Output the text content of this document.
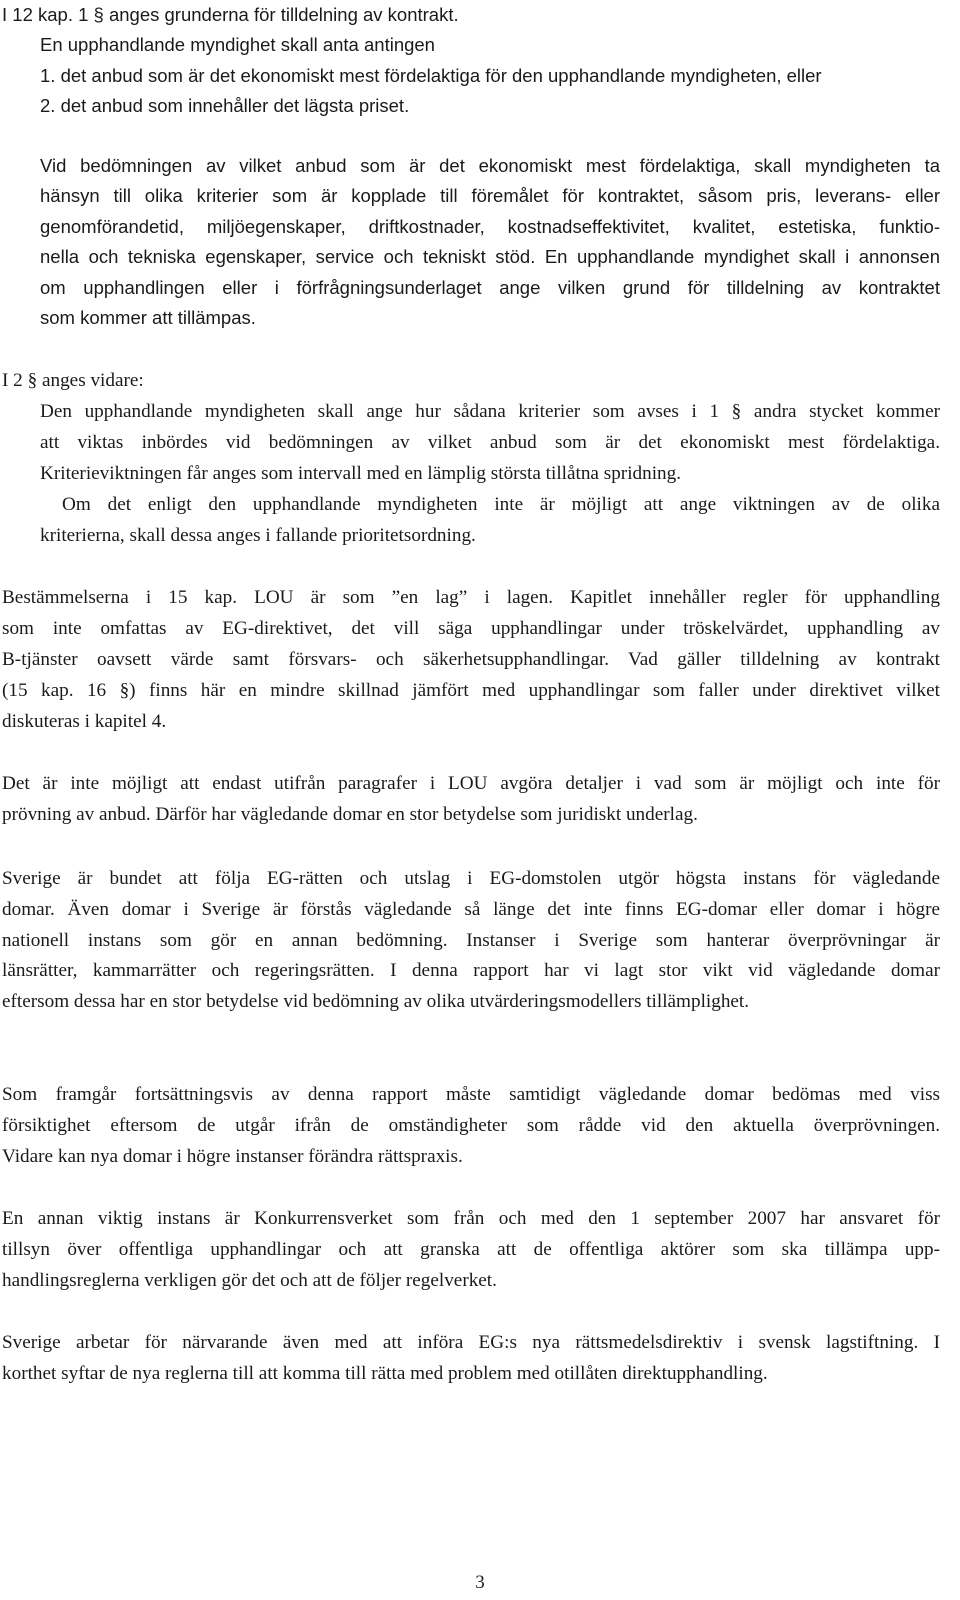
I 12 kap. 1 § anges grunderna för tilldelning av kontrakt.
En upphandlande myndighet skall anta antingen
1. det anbud som är det ekonomiskt mest fördelaktiga för den upphandlande myndigheten, eller
2. det anbud som innehåller det lägsta priset.
Vid bedömningen av vilket anbud som är det ekonomiskt mest fördelaktiga, skall myndigheten ta
hänsyn till olika kriterier som är kopplade till föremålet för kontraktet, såsom pris, leverans- eller
genomförandetid, miljöegenskaper, driftkostnader, kostnadseffektivitet, kvalitet, estetiska, funktio-
nella och tekniska egenskaper, service och tekniskt stöd. En upphandlande myndighet skall i annonsen
om upphandlingen eller i förfrågningsunderlaget ange vilken grund för tilldelning av kontraktet
som kommer att tillämpas.
I 2 § anges vidare:
Den upphandlande myndigheten skall ange hur sådana kriterier som avses i 1 § andra stycket kommer
att viktas inbördes vid bedömningen av vilket anbud som är det ekonomiskt mest fördelaktiga.
Kriterieviktningen får anges som intervall med en lämplig största tillåtna spridning.
Om det enligt den upphandlande myndigheten inte är möjligt att ange viktningen av de olika
kriterierna, skall dessa anges i fallande prioritetsordning.
Bestämmelserna i 15 kap. LOU är som ”en lag” i lagen. Kapitlet innehåller regler för upphandling
som inte omfattas av EG-direktivet, det vill säga upphandlingar under tröskelvärdet, upphandling av
B-tjänster oavsett värde samt försvars- och säkerhetsupphandlingar. Vad gäller tilldelning av kontrakt
(15 kap. 16 §) finns här en mindre skillnad jämfört med upphandlingar som faller under direktivet vilket
diskuteras i kapitel 4.
Det är inte möjligt att endast utifrån paragrafer i LOU avgöra detaljer i vad som är möjligt och inte för
prövning av anbud. Därför har vägledande domar en stor betydelse som juridiskt underlag.
Sverige är bundet att följa EG-rätten och utslag i EG-domstolen utgör högsta instans för vägledande
domar. Även domar i Sverige är förstås vägledande så länge det inte finns EG-domar eller domar i högre
nationell instans som gör en annan bedömning. Instanser i Sverige som hanterar överprövningar är
länsrätter, kammarrätter och regeringsrätten. I denna rapport har vi lagt stor vikt vid vägledande domar
eftersom dessa har en stor betydelse vid bedömning av olika utvärderingsmodellers tillämplighet.
Som framgår fortsättningsvis av denna rapport måste samtidigt vägledande domar bedömas med viss
försiktighet eftersom de utgår ifrån de omständigheter som rådde vid den aktuella överprövningen.
Vidare kan nya domar i högre instanser förändra rättspraxis.
En annan viktig instans är Konkurrensverket som från och med den 1 september 2007 har ansvaret för
tillsyn över offentliga upphandlingar och att granska att de offentliga aktörer som ska tillämpa upp-
handlingsreglerna verkligen gör det och att de följer regelverket.
Sverige arbetar för närvarande även med att införa EG:s nya rättsmedelsdirektiv i svensk lagstiftning. I
korthet syftar de nya reglerna till att komma till rätta med problem med otillåten direktupphandling.
3
